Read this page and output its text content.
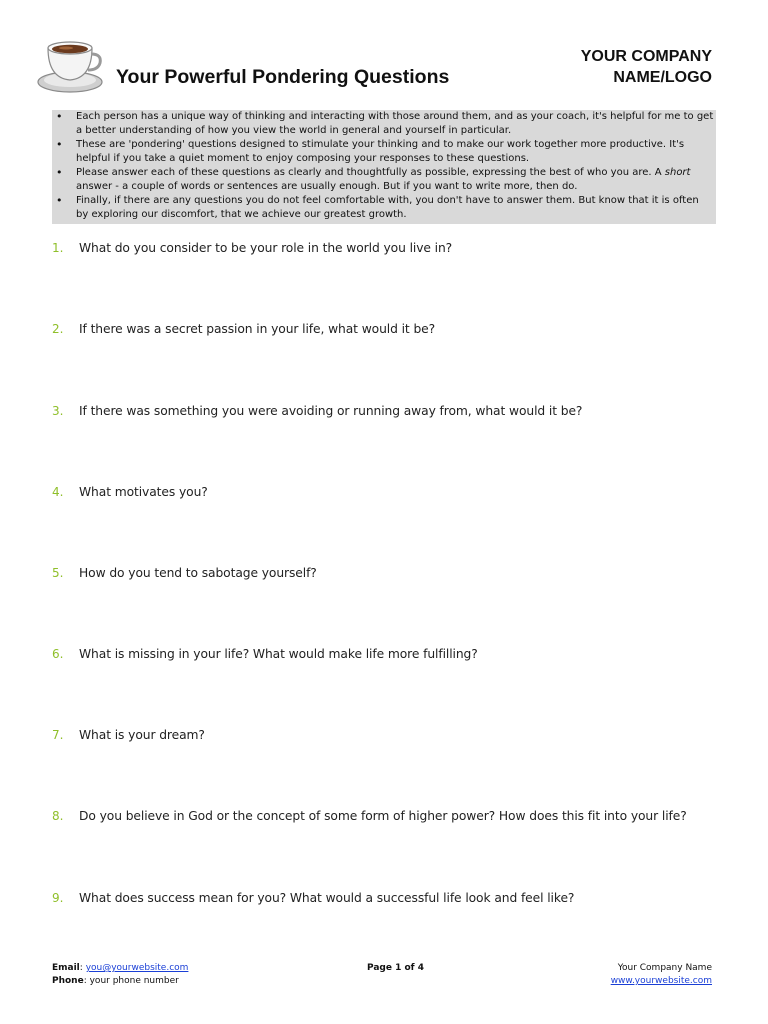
Your Powerful Pondering Questions
YOUR COMPANY
NAME/LOGO
• Each person has a unique way of thinking and interacting with those around them, and as your coach, it's helpful for me to get a better understanding of how you view the world in general and yourself in particular.
• These are 'pondering' questions designed to stimulate your thinking and to make our work together more productive. It's helpful if you take a quiet moment to enjoy composing your responses to these questions.
• Please answer each of these questions as clearly and thoughtfully as possible, expressing the best of who you are. A short answer - a couple of words or sentences are usually enough. But if you want to write more, then do.
• Finally, if there are any questions you do not feel comfortable with, you don't have to answer them. But know that it is often by exploring our discomfort, that we achieve our greatest growth.
1. What do you consider to be your role in the world you live in?
2. If there was a secret passion in your life, what would it be?
3. If there was something you were avoiding or running away from, what would it be?
4. What motivates you?
5. How do you tend to sabotage yourself?
6. What is missing in your life? What would make life more fulfilling?
7. What is your dream?
8. Do you believe in God or the concept of some form of higher power? How does this fit into your life?
9. What does success mean for you? What would a successful life look and feel like?
Email: you@yourwebsite.com
Phone: your phone number
Page 1 of 4	Your Company Name
www.yourwebsite.com
